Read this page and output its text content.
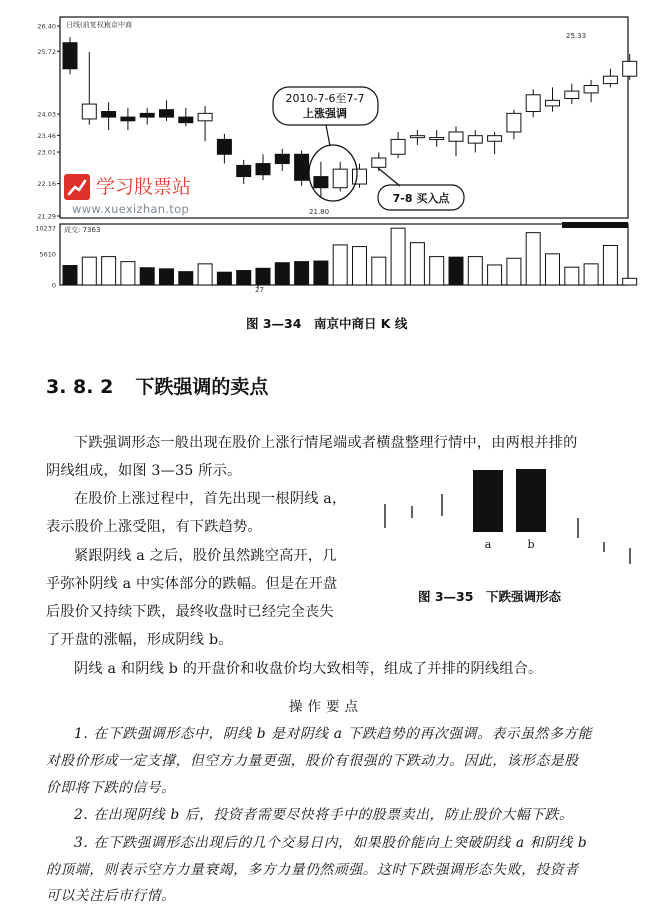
26.40
25.72
24.03
23.46
23.01
22.16
21.29
10237
5610
0
日线(前复权)
南京中商
成交: 7363
27
25.33
21.80
2010-7-6至7-7
上涨强调
7-8 买入点
学习股票站
www.xuexizhan.top
图 3—34　南京中商日 K 线
3. 8. 2 下跌强调的卖点
下跌强调形态一般出现在股价上涨行情尾端或者横盘整理行情中，由两根并排的
阴线组成，如图 3—35 所示。
在股价上涨过程中，首先出现一根阴线 a，
表示股价上涨受阻，有下跌趋势。
紧跟阴线 a 之后，股价虽然跳空高开，几
乎弥补阴线 a 中实体部分的跌幅。但是在开盘
后股价又持续下跌，最终收盘时已经完全丧失
了开盘的涨幅，形成阴线 b。
阴线 a 和阴线 b 的开盘价和收盘价均大致相等，组成了并排的阴线组合。
a	b
图 3—35　下跌强调形态
操作要点
1. 在下跌强调形态中，阴线 b 是对阴线 a 下跌趋势的再次强调。表示虽然多方能
对股价形成一定支撑，但空方力量更强，股价有很强的下跌动力。因此，该形态是股
价即将下跌的信号。
2. 在出现阴线 b 后，投资者需要尽快将手中的股票卖出，防止股价大幅下跌。
3. 在下跌强调形态出现后的几个交易日内，如果股价能向上突破阴线 a 和阴线 b
的顶端，则表示空方力量衰竭，多方力量仍然顽强。这时下跌强调形态失败，投资者
可以关注后市行情。
